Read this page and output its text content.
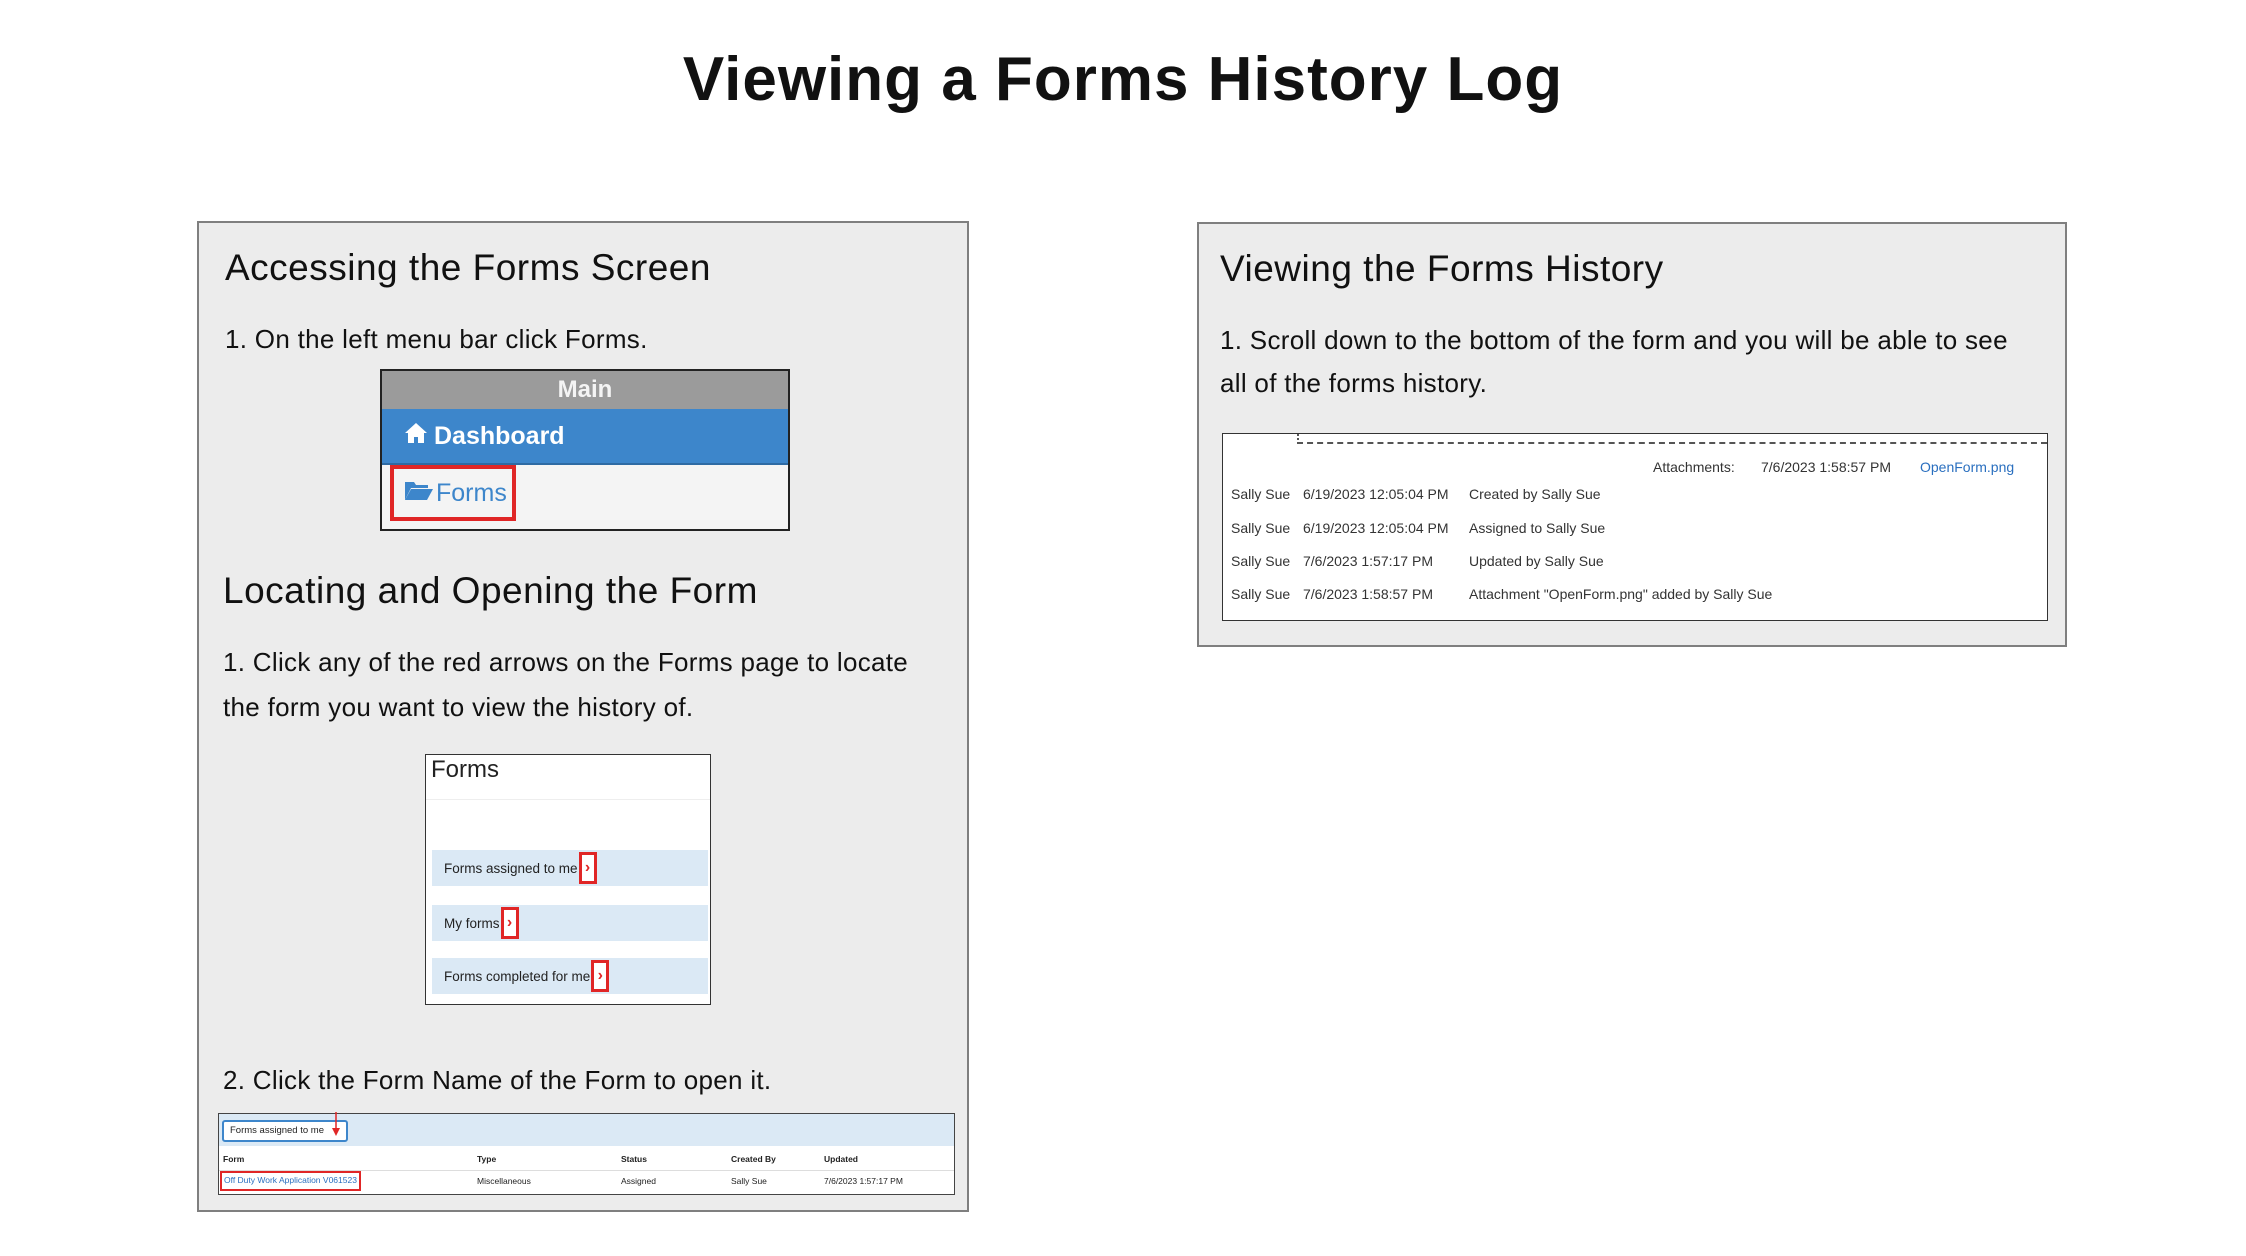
Viewing a Forms History Log
Accessing the Forms Screen
1. On the left menu bar click Forms.
Main
Dashboard
Forms
Locating and Opening the Form
1. Click any of the red arrows on the Forms page to locate
the form you want to view the history of.
Forms
Forms assigned to me ›
My forms ›
Forms completed for me ›
2. Click the Form Name of the Form to open it.
Forms assigned to me
Form	Type	Status	Created By	Updated
Off Duty Work Application V061523	Miscellaneous	Assigned	Sally Sue	7/6/2023 1:57:17 PM
Viewing the Forms History
1. Scroll down to the bottom of the form and you will be able to see
all of the forms history.
Attachments: 7/6/2023 1:58:57 PM OpenForm.png
Sally Sue 6/19/2023 12:05:04 PM Created by Sally Sue
Sally Sue 6/19/2023 12:05:04 PM Assigned to Sally Sue
Sally Sue 7/6/2023 1:57:17 PM	Updated by Sally Sue
Sally Sue 7/6/2023 1:58:57 PM	Attachment "OpenForm.png" added by Sally Sue
